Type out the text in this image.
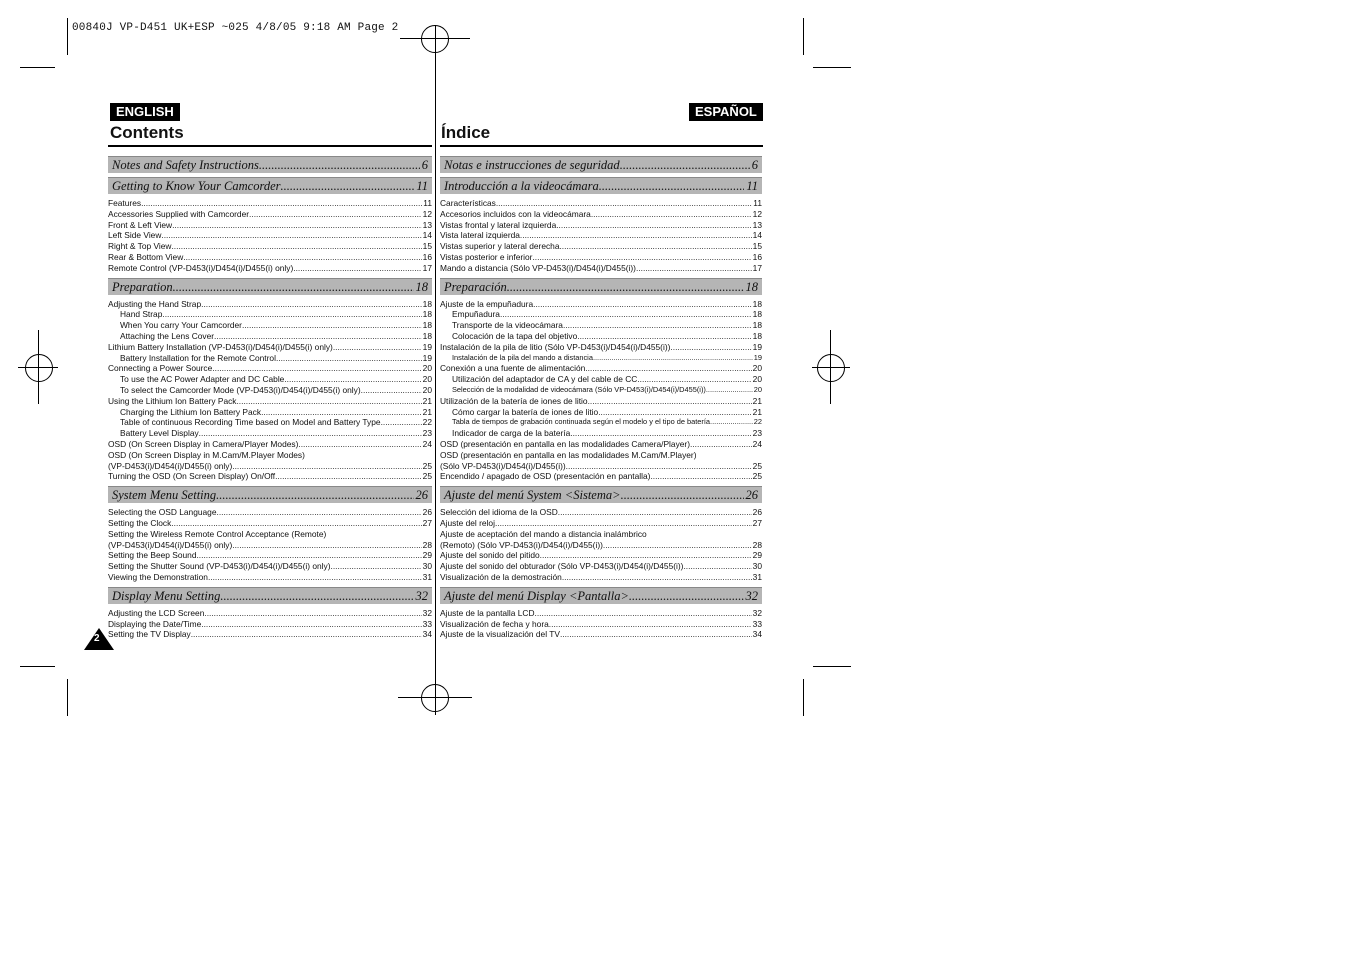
00840J VP-D451 UK+ESP ~025 4/8/05 9:18 AM Page 2
ENGLISH	ESPAÑOL
Contents	Índice
Notes and Safety Instructions .....	6
Getting to Know Your Camcorder .....	11
Features .....	11
Accessories Supplied with Camcorder .....	12
Front & Left View .....	13
Left Side View .....	14
Right & Top View .....	15
Rear & Bottom View .....	16
Remote Control (VP-D453(i)/D454(i)/D455(i) only) .....	17
Preparation .....	18
Adjusting the Hand Strap .....	18
Hand Strap .....	18
When You carry Your Camcorder .....	18
Attaching the Lens Cover .....	18
Lithium Battery Installation (VP-D453(i)/D454(i)/D455(i) only) .....	19
Battery Installation for the Remote Control .....	19
Connecting a Power Source .....	20
To use the AC Power Adapter and DC Cable .....	20
To select the Camcorder Mode (VP-D453(i)/D454(i)/D455(i) only) .....	20
Using the Lithium Ion Battery Pack .....	21
Charging the Lithium Ion Battery Pack .....	21
Table of continuous Recording Time based on Model and Battery Type .....	22
Battery Level Display .....	23
OSD (On Screen Display in Camera/Player Modes) .....	24
OSD (On Screen Display in M.Cam/M.Player Modes)
(VP-D453(i)/D454(i)/D455(i) only) .....	25
Turning the OSD (On Screen Display) On/Off .....	25
System Menu Setting .....	26
Selecting the OSD Language .....	26
Setting the Clock .....	27
Setting the Wireless Remote Control Acceptance (Remote)
(VP-D453(i)/D454(i)/D455(i) only) .....	28
Setting the Beep Sound .....	29
Setting the Shutter Sound (VP-D453(i)/D454(i)/D455(i) only) .....	30
Viewing the Demonstration .....	31
Display Menu Setting .....	32
Adjusting the LCD Screen .....	32
Displaying the Date/Time .....	33
Setting the TV Display .....	34
Notas e instrucciones de seguridad .....	6
Introducción a la videocámara .....	11
Características .....	11
Accesorios incluidos con la videocámara .....	12
Vistas frontal y lateral izquierda .....	13
Vista lateral izquierda .....	14
Vistas superior y lateral derecha .....	15
Vistas posterior e inferior .....	16
Mando a distancia (Sólo VP-D453(i)/D454(i)/D455(i)) .....	17
Preparación .....	18
Ajuste de la empuñadura .....	18
Empuñadura .....	18
Transporte de la videocámara .....	18
Colocación de la tapa del objetivo .....	18
Instalación de la pila de litio (Sólo VP-D453(i)/D454(i)/D455(i)) .....	19
Instalación de la pila del mando a distancia .....	19
Conexión a una fuente de alimentación .....	20
Utilización del adaptador de CA y del cable de CC .....	20
Selección de la modalidad de videocámara (Sólo VP-D453(i)/D454(i)/D455(i)) .....	20
Utilización de la batería de iones de litio .....	21
Cómo cargar la batería de iones de litio .....	21
Tabla de tiempos de grabación continuada según el modelo y el tipo de batería .....	22
Indicador de carga de la batería .....	23
OSD (presentación en pantalla en las modalidades Camera/Player) .....	24
OSD (presentación en pantalla en las modalidades M.Cam/M.Player)
(Sólo VP-D453(i)/D454(i)/D455(i)) .....	25
Encendido / apagado de OSD (presentación en pantalla) .....	25
Ajuste del menú System <Sistema> .....	26
Selección del idioma de la OSD .....	26
Ajuste del reloj .....	27
Ajuste de aceptación del mando a distancia inalámbrico
(Remoto) (Sólo VP-D453(i)/D454(i)/D455(i)) .....	28
Ajuste del sonido del pitido .....	29
Ajuste del sonido del obturador (Sólo VP-D453(i)/D454(i)/D455(i)) .....	30
Visualización de la demostración .....	31
Ajuste del menú Display <Pantalla> .....	32
Ajuste de la pantalla LCD .....	32
Visualización de fecha y hora .....	33
Ajuste de la visualización del TV .....	34
2
